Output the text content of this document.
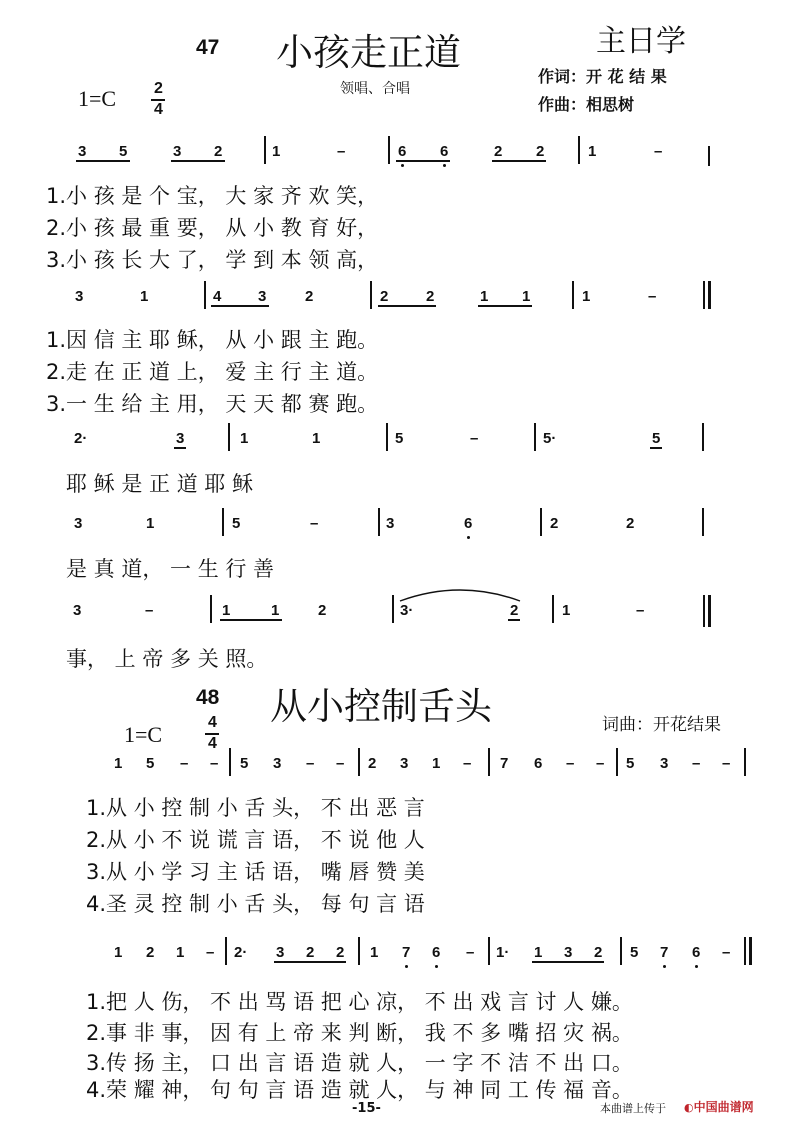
47 小孩走正道	主日学
领唱、合唱
作词：开 花 结 果
作曲：相思树
1=C 2
4
3 5	3 2	1	–	6 6	2 2	1	–
1.小 孩 是 个 宝， 大 家 齐 欢 笑，
2.小 孩 最 重 要， 从 小 教 育 好，
3.小 孩 长 大 了， 学 到 本 领 高，
3	1	4 3	2	2	2	1 1	1	–
1.因 信 主 耶 稣， 从 小 跟 主 跑。
2.走 在 正 道 上， 爱 主 行 主 道。
3.一 生 给 主 用， 天 天 都 赛 跑。
2·	3	1	1	5	–	5·	5
耶 稣 是 正 道 耶 稣
3	1	5	–	3	6	2	2
是 真 道， 一 生 行 善
3	–	1	1	2	3·	2	1	–
事， 上 帝 多 关 照。
48 从小控制舌头	词曲：开花结果
1=C	4
4
1 5 – – 5 3 – – 2 3 1 – 7 6 – – 5 3 – –
1.从 小 控 制 小 舌 头， 不 出 恶 言
2.从 小 不 说 谎 言 语， 不 说 他 人
3.从 小 学 习 主 话 语， 嘴 唇 赞 美
4.圣 灵 控 制 小 舌 头， 每 句 言 语
1 2 1 – 2· 3 2 2 1 7 6 – 1· 1 3 2 5 7 6 –
1.把 人 伤， 不 出 骂 语 把 心 凉， 不 出 戏 言 讨 人 嫌。
2.事 非 事， 因 有 上 帝 来 判 断， 我 不 多 嘴 招 灾 祸。
3.传 扬 主， 口 出 言 语 造 就 人， 一 字 不 洁 不 出 口。
4.荣 耀 神， 句 句 言 语 造 就 人， 与 神 同 工 传 福 音。
-15-	本曲谱上传于 ◐中国曲谱网
